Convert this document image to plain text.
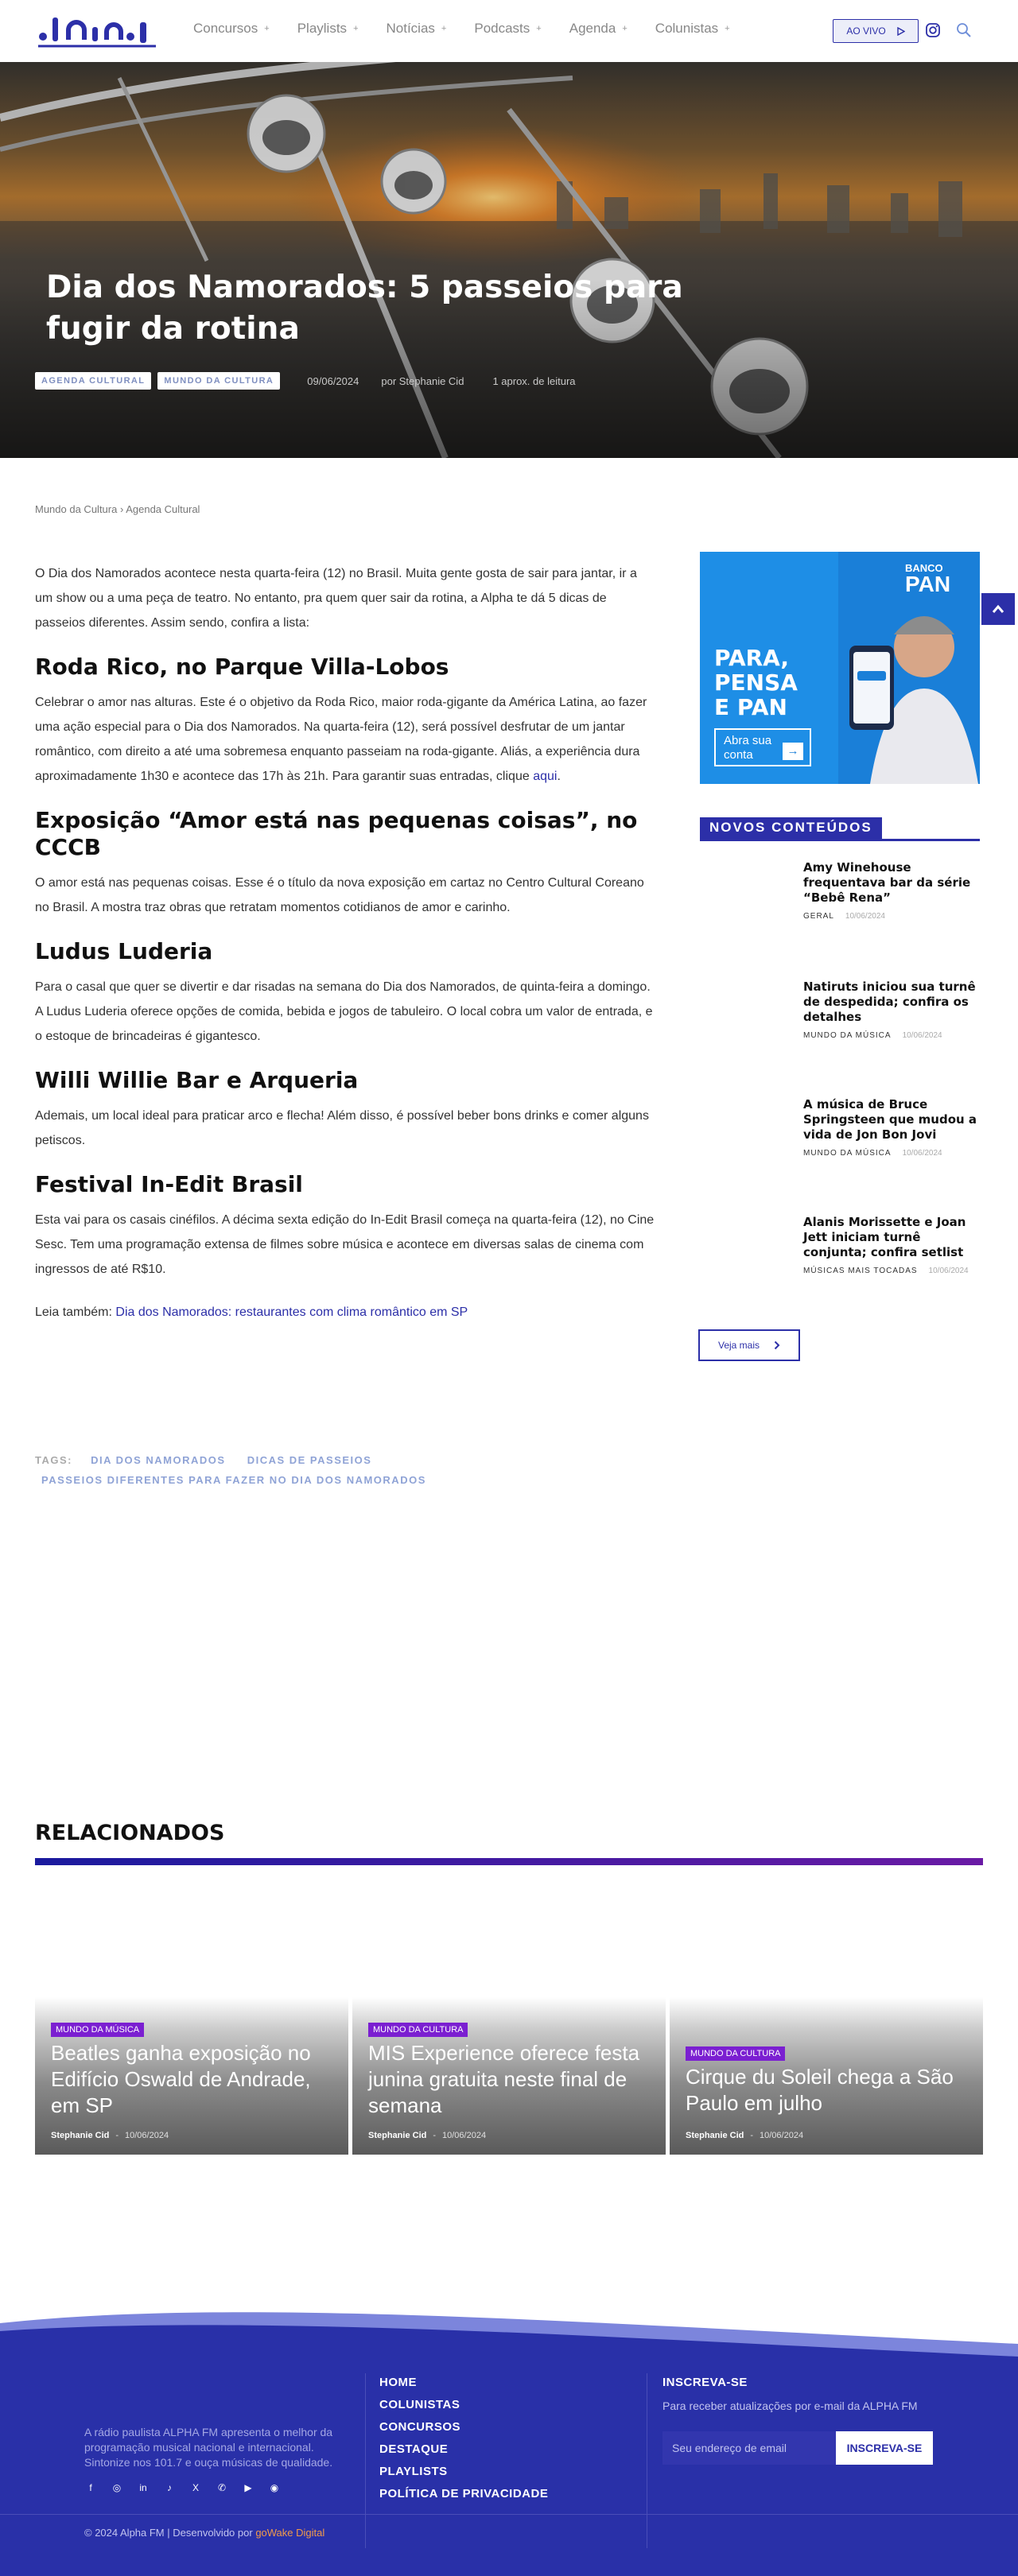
Concursos + Playlists + Notícias + Podcasts + Agenda + Colunistas +	AO VIVO
Dia dos Namorados: 5 passeios para fugir da rotina
AGENDA CULTURAL	MUNDO DA CULTURA	09/06/2024 por Stephanie Cid	1 aprox. de leitura
Mundo da Cultura › Agenda Cultural

O Dia dos Namorados acontece nesta quarta-feira (12) no Brasil. Muita gente gosta de sair para jantar, ir a um show ou a uma peça de teatro. No entanto, pra quem quer sair da rotina, a Alpha te dá 5 dicas de passeios diferentes. Assim sendo, confira a lista:

Roda Rico, no Parque Villa-Lobos

Celebrar o amor nas alturas. Este é o objetivo da Roda Rico, maior roda-gigante da América Latina, ao fazer uma ação especial para o Dia dos Namorados. Na quarta-feira (12), será possível desfrutar de um jantar romântico, com direito a até uma sobremesa enquanto passeiam na roda-gigante. Aliás, a experiência dura aproximadamente 1h30 e acontece das 17h às 21h. Para garantir suas entradas, clique aqui.

Exposição “Amor está nas pequenas coisas”, no CCCB

O amor está nas pequenas coisas. Esse é o título da nova exposição em cartaz no Centro Cultural Coreano no Brasil. A mostra traz obras que retratam momentos cotidianos de amor e carinho.

Ludus Luderia

Para o casal que quer se divertir e dar risadas na semana do Dia dos Namorados, de quinta-feira a domingo. A Ludus Luderia oferece opções de comida, bebida e jogos de tabuleiro. O local cobra um valor de entrada, e o estoque de brincadeiras é gigantesco.

Willi Willie Bar e Arqueria

Ademais, um local ideal para praticar arco e flecha! Além disso, é possível beber bons drinks e comer alguns petiscos.

Festival In-Edit Brasil

Esta vai para os casais cinéfilos. A décima sexta edição do In-Edit Brasil começa na quarta-feira (12), no Cine Sesc. Tem uma programação extensa de filmes sobre música e acontece em diversas salas de cinema com ingressos de até R$10.

Leia também: Dia dos Namorados: restaurantes com clima romântico em SP

TAGS: DIA DOS NAMORADOS DICAS DE PASSEIOS
PASSEIOS DIFERENTES PARA FAZER NO DIA DOS NAMORADOS
BANCO
PAN
PARA,
PENSA
E PAN
Abra sua conta	→
NOVOS CONTEÚDOS
Amy Winehouse frequentava bar da série “Bebê Rena”
GERAL 10/06/2024
Natiruts iniciou sua turnê de despedida; confira os detalhes
MUNDO DA MÚSICA 10/06/2024
A música de Bruce Springsteen que mudou a vida de Jon Bon Jovi
MUNDO DA MÚSICA 10/06/2024
Alanis Morissette e Joan Jett iniciam turnê conjunta; confira setlist
MÚSICAS MAIS TOCADAS 10/06/2024
Veja mais
RELACIONADOS
MUNDO DA MÚSICA
Beatles ganha exposição no Edifício Oswald de Andrade, em SP
Stephanie Cid - 10/06/2024
MUNDO DA CULTURA
MIS Experience oferece festa junina gratuita neste final de semana
Stephanie Cid - 10/06/2024
MUNDO DA CULTURA
Cirque du Soleil chega a São Paulo em julho
Stephanie Cid - 10/06/2024
A rádio paulista ALPHA FM apresenta o melhor da programação musical nacional e internacional. Sintonize nos 101.7 e ouça músicas de qualidade.
f	◎ in	♪	X	✆ ▶ ◉
HOME
COLUNISTAS
CONCURSOS
DESTAQUE
PLAYLISTS
POLÍTICA DE PRIVACIDADE
INSCREVA-SE
Para receber atualizações por e-mail da ALPHA FM
Seu endereço de email
INSCREVA-SE
© 2024 Alpha FM | Desenvolvido por goWake Digital
